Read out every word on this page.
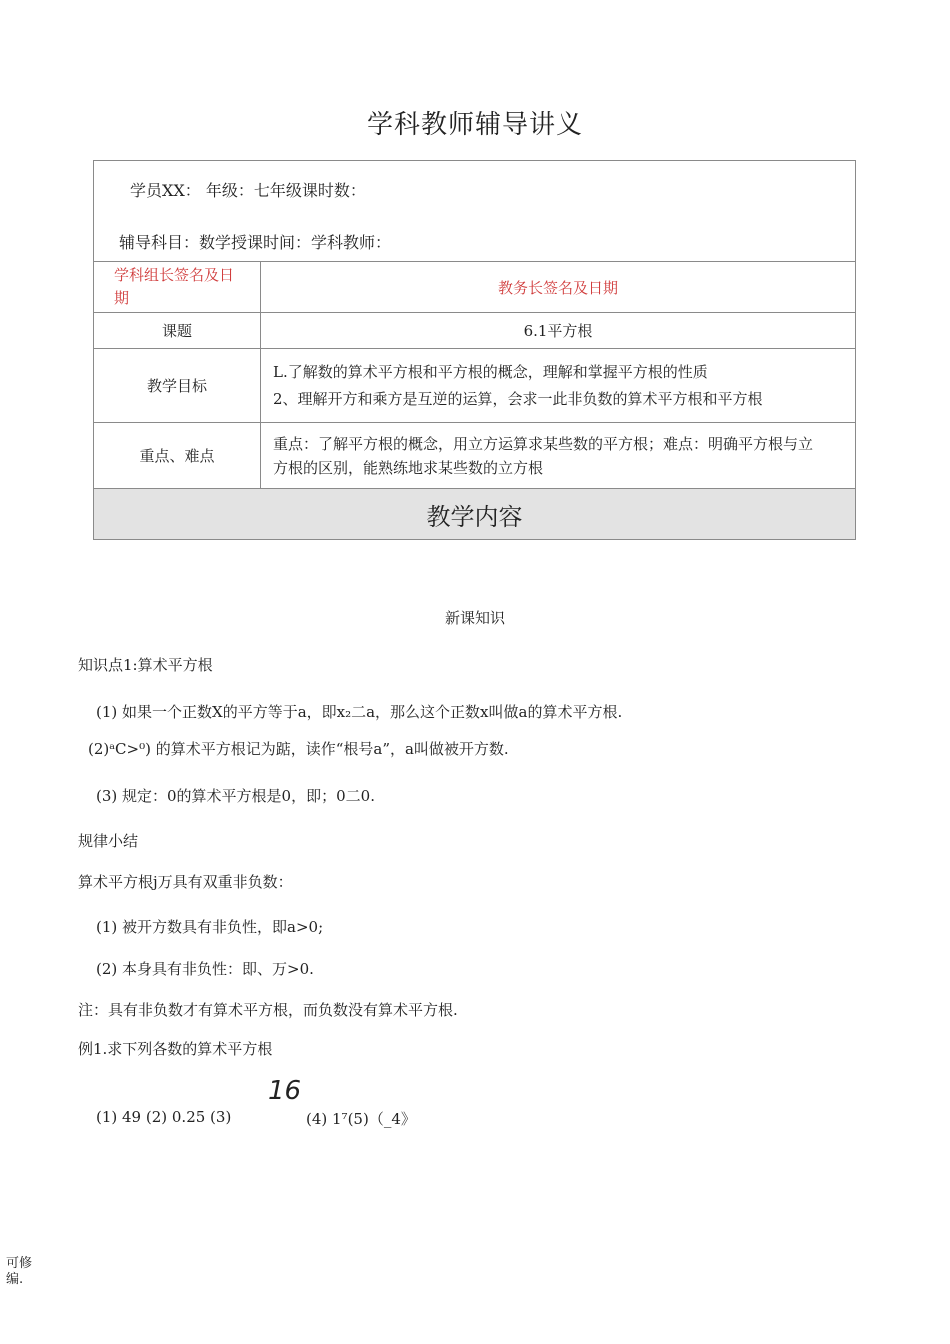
学科教师辅导讲义
学员XX： 年级：七年级课时数：
辅导科目：数学授课时间：学科教师：	

学科组长签名及日期	教务长签名及日期
课题	6.1平方根
教学目标	L.了解数的算术平方根和平方根的概念，理解和掌握平方根的性质
2、理解开方和乘方是互逆的运算，会求一此非负数的算术平方根和平方根

重点、难点	重点：了解平方根的概念，用立方运算求某些数的平方根；难点：明确平方根与立
方根的区别，能熟练地求某些数的立方根

教学内容	
新课知识
知识点1:算术平方根
(1) 如果一个正数X的平方等于a，即x₂二a，那么这个正数x叫做a的算术平方根.
(2)ᵃC>⁰) 的算术平方根记为踮，读作“根号a”，a叫做被开方数.
(3) 规定：0的算术平方根是0，即；0二0.
规律小结
算术平方根j万具有双重非负数：
(1) 被开方数具有非负性，即a>0;
(2) 本身具有非负性：即、万>0.
注：具有非负数才有算术平方根，而负数没有算术平方根.
例1.求下列各数的算术平方根
16
(1) 49 (2) 0.25 (3)	(4) 1⁷(5)（_4》
可修编.
